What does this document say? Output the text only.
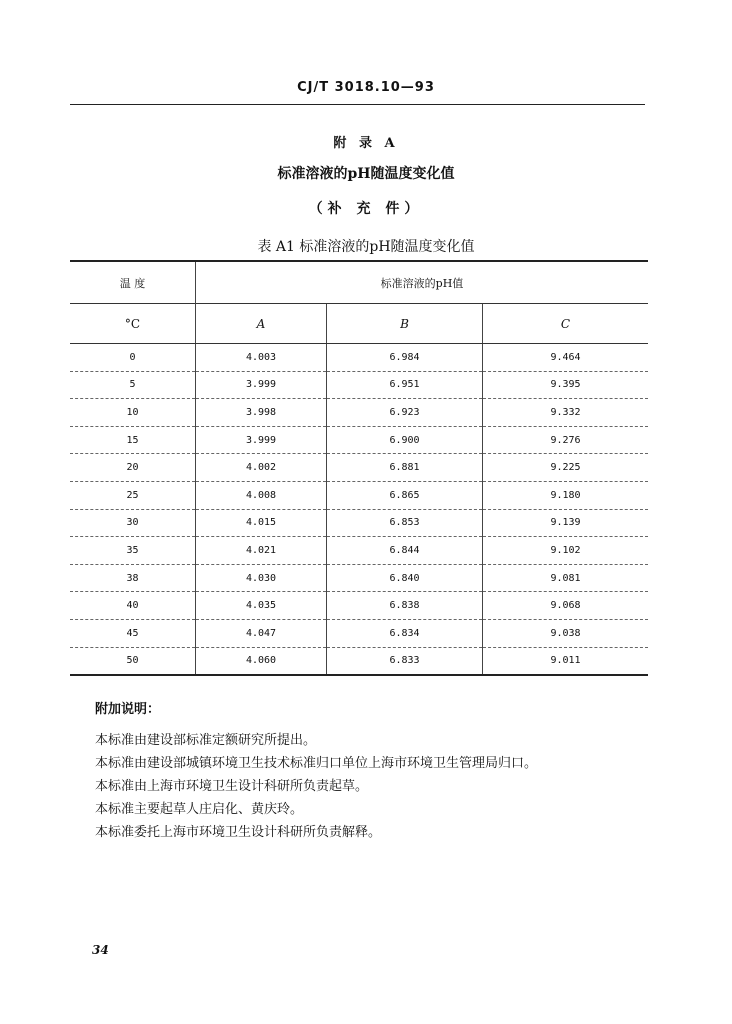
CJ/T 3018.10—93
附 录 A
标准溶液的pH随温度变化值
（补 充 件）
表 A1 标准溶液的pH随温度变化值
温 度	标准溶液的pH值		
°C	A	B	C
0	4.003	6.984	9.464
5	3.999	6.951	9.395
10	3.998	6.923	9.332
15	3.999	6.900	9.276
20	4.002	6.881	9.225
25	4.008	6.865	9.180
30	4.015	6.853	9.139
35	4.021	6.844	9.102
38	4.030	6.840	9.081
40	4.035	6.838	9.068
45	4.047	6.834	9.038
50	4.060	6.833	9.011
附加说明：
本标准由建设部标准定额研究所提出。
本标准由建设部城镇环境卫生技术标准归口单位上海市环境卫生管理局归口。
本标准由上海市环境卫生设计科研所负责起草。
本标准主要起草人庄启化、黄庆玲。
本标准委托上海市环境卫生设计科研所负责解释。
34
